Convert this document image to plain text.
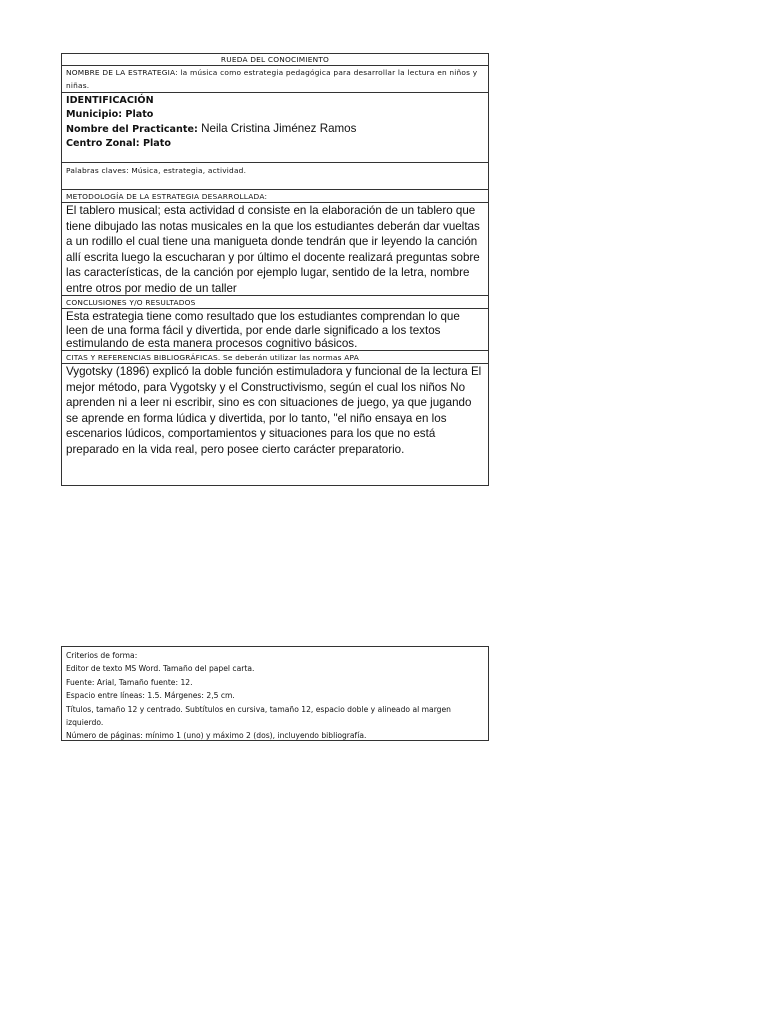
RUEDA DEL CONOCIMIENTO
NOMBRE DE LA ESTRATEGIA: la música como estrategia pedagógica para desarrollar la lectura en niños y niñas.
IDENTIFICACIÓN
Municipio: Plato
Nombre del Practicante: Neila Cristina Jiménez Ramos
Centro Zonal: Plato
Palabras claves: Música, estrategia, actividad.
METODOLOGÍA DE LA ESTRATEGIA DESARROLLADA:
El tablero musical; esta actividad d consiste en la elaboración de un tablero que tiene dibujado las notas musicales en la que los estudiantes deberán dar vueltas a un rodillo el cual tiene una manigueta donde tendrán que ir leyendo la canción allí escrita luego la escucharan y por último el docente realizará preguntas sobre las características, de la canción por ejemplo lugar, sentido de la letra, nombre entre otros por medio de un taller
CONCLUSIONES Y/O RESULTADOS
Esta estrategia tiene como resultado que los estudiantes comprendan lo que leen de una forma fácil y divertida, por ende darle significado a los textos estimulando de esta manera procesos cognitivo básicos.
CITAS Y REFERENCIAS BIBLIOGRÁFICAS. Se deberán utilizar las normas APA
Vygotsky (1896) explicó la doble función estimuladora y funcional de la lectura El mejor método, para Vygotsky y el Constructivismo, según el cual los niños No aprenden ni a leer ni escribir, sino es con situaciones de juego, ya que jugando se aprende en forma lúdica y divertida, por lo tanto, "el niño ensaya en los escenarios lúdicos, comportamientos y situaciones para los que no está preparado en la vida real, pero posee cierto carácter preparatorio.

Criterios de forma:

Editor de texto MS Word. Tamaño del papel carta.

Fuente: Arial, Tamaño fuente: 12.

Espacio entre líneas: 1.5. Márgenes: 2,5 cm.

Títulos, tamaño 12 y centrado. Subtítulos en cursiva, tamaño 12, espacio doble y alineado al margen izquierdo.

Número de páginas: mínimo 1 (uno) y máximo 2 (dos), incluyendo bibliografía.
